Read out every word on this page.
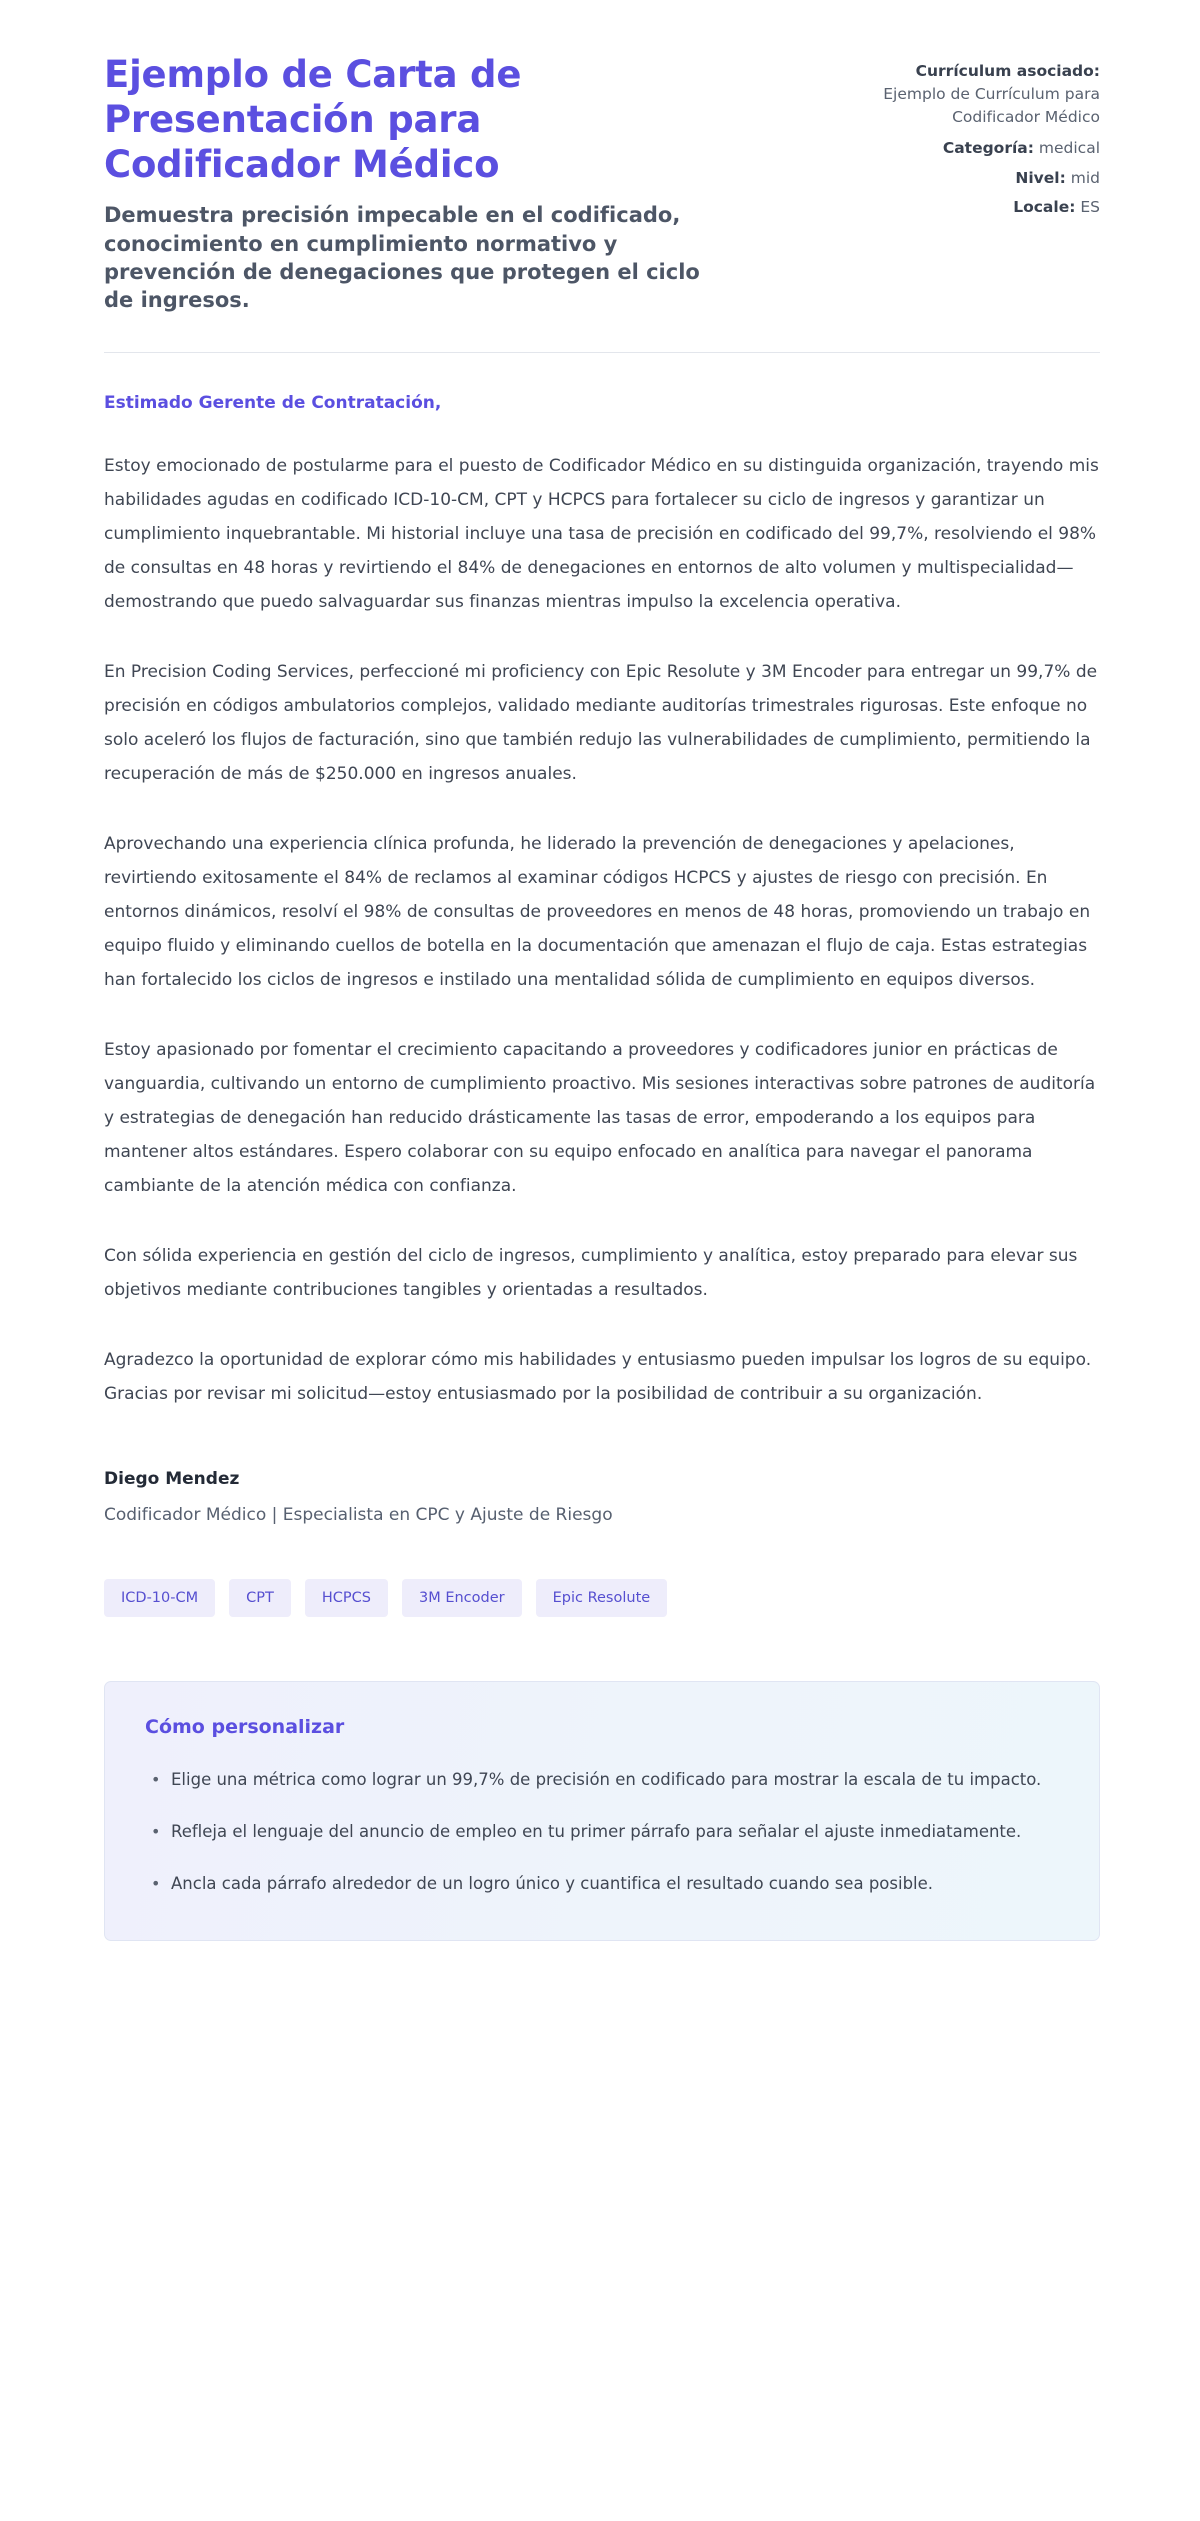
Ejemplo de Carta de Presentación para Codificador Médico

Demuestra precisión impecable en el codificado, conocimiento en cumplimiento normativo y prevención de denegaciones que protegen el ciclo de ingresos.

Currículum asociado:
Ejemplo de Currículum para Codificador Médico
Categoría: medical
Nivel: mid
Locale: ES

Estimado Gerente de Contratación,

Estoy emocionado de postularme para el puesto de Codificador Médico en su distinguida organización, trayendo mis habilidades agudas en codificado ICD-10-CM, CPT y HCPCS para fortalecer su ciclo de ingresos y garantizar un cumplimiento inquebrantable. Mi historial incluye una tasa de precisión en codificado del 99,7%, resolviendo el 98% de consultas en 48 horas y revirtiendo el 84% de denegaciones en entornos de alto volumen y multispecialidad—demostrando que puedo salvaguardar sus finanzas mientras impulso la excelencia operativa.

En Precision Coding Services, perfeccioné mi proficiency con Epic Resolute y 3M Encoder para entregar un 99,7% de precisión en códigos ambulatorios complejos, validado mediante auditorías trimestrales rigurosas. Este enfoque no solo aceleró los flujos de facturación, sino que también redujo las vulnerabilidades de cumplimiento, permitiendo la recuperación de más de $250.000 en ingresos anuales.

Aprovechando una experiencia clínica profunda, he liderado la prevención de denegaciones y apelaciones, revirtiendo exitosamente el 84% de reclamos al examinar códigos HCPCS y ajustes de riesgo con precisión. En entornos dinámicos, resolví el 98% de consultas de proveedores en menos de 48 horas, promoviendo un trabajo en equipo fluido y eliminando cuellos de botella en la documentación que amenazan el flujo de caja. Estas estrategias han fortalecido los ciclos de ingresos e instilado una mentalidad sólida de cumplimiento en equipos diversos.

Estoy apasionado por fomentar el crecimiento capacitando a proveedores y codificadores junior en prácticas de vanguardia, cultivando un entorno de cumplimiento proactivo. Mis sesiones interactivas sobre patrones de auditoría y estrategias de denegación han reducido drásticamente las tasas de error, empoderando a los equipos para mantener altos estándares. Espero colaborar con su equipo enfocado en analítica para navegar el panorama cambiante de la atención médica con confianza.

Con sólida experiencia en gestión del ciclo de ingresos, cumplimiento y analítica, estoy preparado para elevar sus objetivos mediante contribuciones tangibles y orientadas a resultados.

Agradezco la oportunidad de explorar cómo mis habilidades y entusiasmo pueden impulsar los logros de su equipo. Gracias por revisar mi solicitud—estoy entusiasmado por la posibilidad de contribuir a su organización.

Diego Mendez

Codificador Médico | Especialista en CPC y Ajuste de Riesgo

ICD-10-CM	CPT	HCPCS	3M Encoder	Epic Resolute
Cómo personalizar
• Elige una métrica como lograr un 99,7% de precisión en codificado para mostrar la escala de tu impacto.
• Refleja el lenguaje del anuncio de empleo en tu primer párrafo para señalar el ajuste inmediatamente.
• Ancla cada párrafo alrededor de un logro único y cuantifica el resultado cuando sea posible.
